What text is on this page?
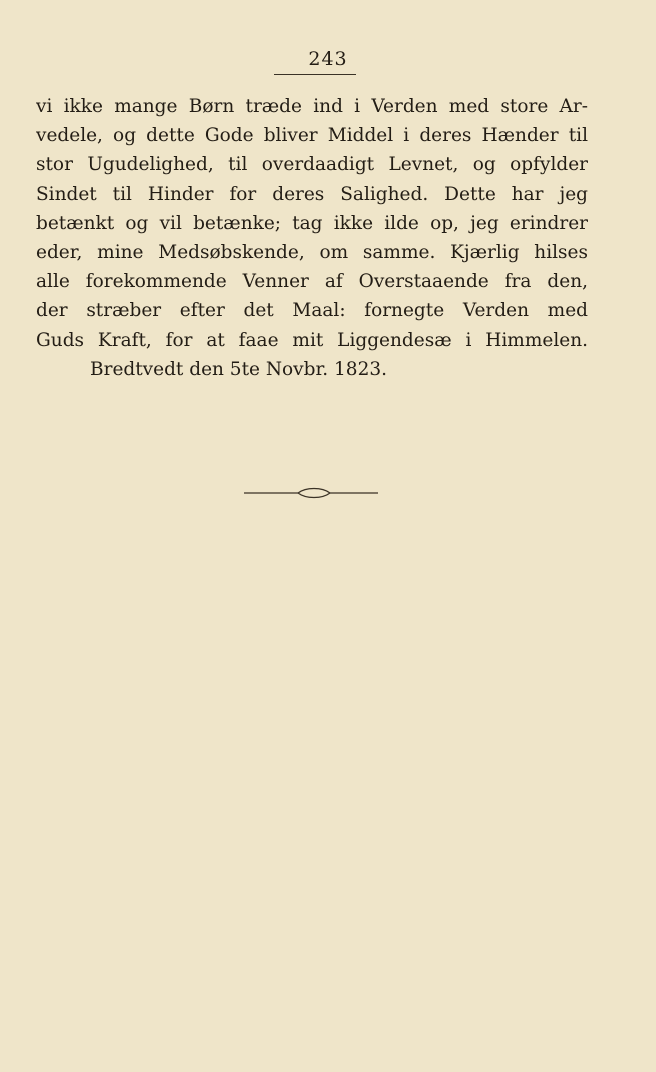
243
vi ikke mange Børn træde ind i Verden med store Ar-
vedele, og dette Gode bliver Middel i deres Hænder til
stor Ugudelighed, til overdaadigt Levnet, og opfylder
Sindet til Hinder for deres Salighed. Dette har jeg
betænkt og vil betænke; tag ikke ilde op, jeg erindrer
eder, mine Medsøbskende, om samme. Kjærlig hilses
alle forekommende Venner af Overstaaende fra den,
der stræber efter det Maal: fornegte Verden med
Guds Kraft, for at faae mit Liggendesæ i Himmelen.
Bredtvedt den 5te Novbr. 1823.
